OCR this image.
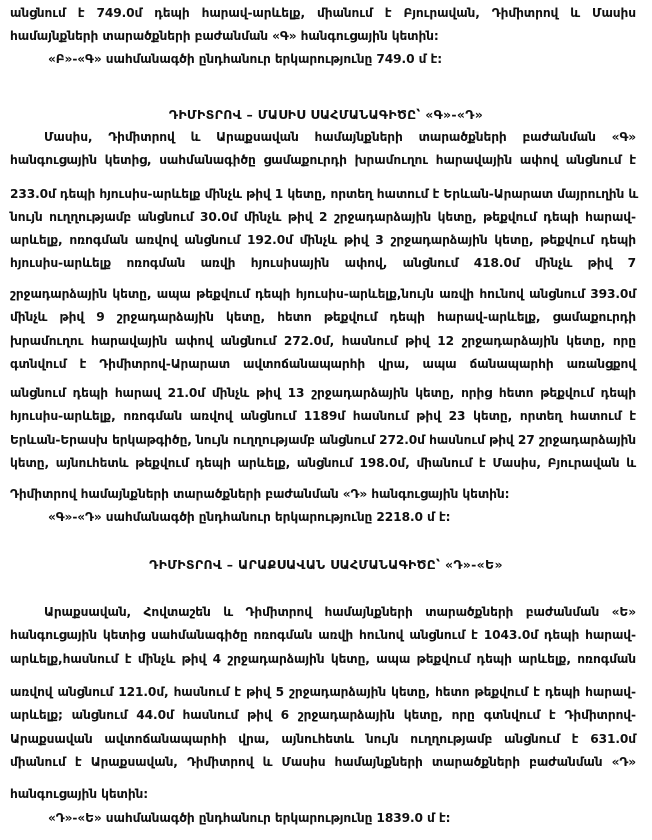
անցնում է 749.0մ դեպի հարավ-արևելք, միանում է Բյուրավան, Դիմիտրով և Մասիս
համայնքների տարածքների բաժանման «Գ» հանգուցային կետին:
«Բ»-«Գ» սահմանագծի ընդհանուր երկարությունը 749.0 մ է:
ԴԻՄԻՏՐՈՎ – ՄԱՍԻՍ ՍԱՀՄԱՆԱԳԻԾԸ՝ «Գ»-«Դ»
Մասիս, Դիմիտրով և Արաքսավան համայնքների տարածքների բաժանման «Գ»
հանգուցային կետից, սահմանագիծը ցամաքուրդի խրամուղու հարավային ափով անցնում է
233.0մ դեպի հյուսիս-արևելք մինչև թիվ 1 կետը, որտեղ հատում է Երևան-Արարատ մայրուղին և
նույն ուղղությամբ անցնում 30.0մ մինչև թիվ 2 շրջադարձային կետը, թեքվում դեպի հարավ-
արևելք, ոռոգման առվով անցնում 192.0մ մինչև թիվ 3 շրջադարձային կետը, թեքվում դեպի
հյուսիս-արևելք ոռոգման առվի հյուսիսային ափով, անցնում 418.0մ մինչև թիվ 7
շրջադարձային կետը, ապա թեքվում դեպի հյուսիս-արևելք,նույն առվի հունով անցնում 393.0մ
մինչև թիվ 9 շրջադարձային կետը, հետո թեքվում դեպի հարավ-արևելք, ցամաքուրդի
խրամուղու հարավային ափով անցնում 272.0մ, հասնում թիվ 12 շրջադարձային կետը, որը
գտնվում է Դիմիտրով-Արարատ ավտոճանապարհի վրա, ապա ճանապարհի առանցքով
անցնում դեպի հարավ 21.0մ մինչև թիվ 13 շրջադարձային կետը, որից հետո թեքվում դեպի
հյուսիս-արևելք, ոռոգման առվով անցնում 1189մ հասնում թիվ 23 կետը, որտեղ հատում է
Երևան-Երասխ երկաթգիծը, նույն ուղղությամբ անցնում 272.0մ հասնում թիվ 27 շրջադարձային
կետը, այնուհետև թեքվում դեպի արևելք, անցնում 198.0մ, միանում է Մասիս, Բյուրավան և
Դիմիտրով համայնքների տարածքների բաժանման «Դ» հանգուցային կետին:
«Գ»-«Դ» սահմանագծի ընդհանուր երկարությունը 2218.0 մ է:
ԴԻՄԻՏՐՈՎ – ԱՐԱՔՍԱՎԱՆ ՍԱՀՄԱՆԱԳԻԾԸ՝ «Դ»-«Ե»
Արաքսավան, Հովտաշեն և Դիմիտրով համայնքների տարածքների բաժանման «Ե»
հանգուցային կետից սահմանագիծը ոռոգման առվի հունով անցնում է 1043.0մ դեպի հարավ-
արևելք,հասնում է մինչև թիվ 4 շրջադարձային կետը, ապա թեքվում դեպի արևելք, ոռոգման
առվով անցնում 121.0մ, հասնում է թիվ 5 շրջադարձային կետը, հետո թեքվում է դեպի հարավ-
արևելք; անցնում 44.0մ հասնում թիվ 6 շրջադարձային կետը, որը գտնվում է Դիմիտրով-
Արաքսավան ավտոճանապարհի վրա, այնուհետև նույն ուղղությամբ անցնում է 631.0մ
միանում է Արաքսավան, Դիմիտրով և Մասիս համայնքների տարածքների բաժանման «Դ»
հանգուցային կետին:
«Դ»-«Ե» սահմանագծի ընդհանուր երկարությունը 1839.0 մ է:
